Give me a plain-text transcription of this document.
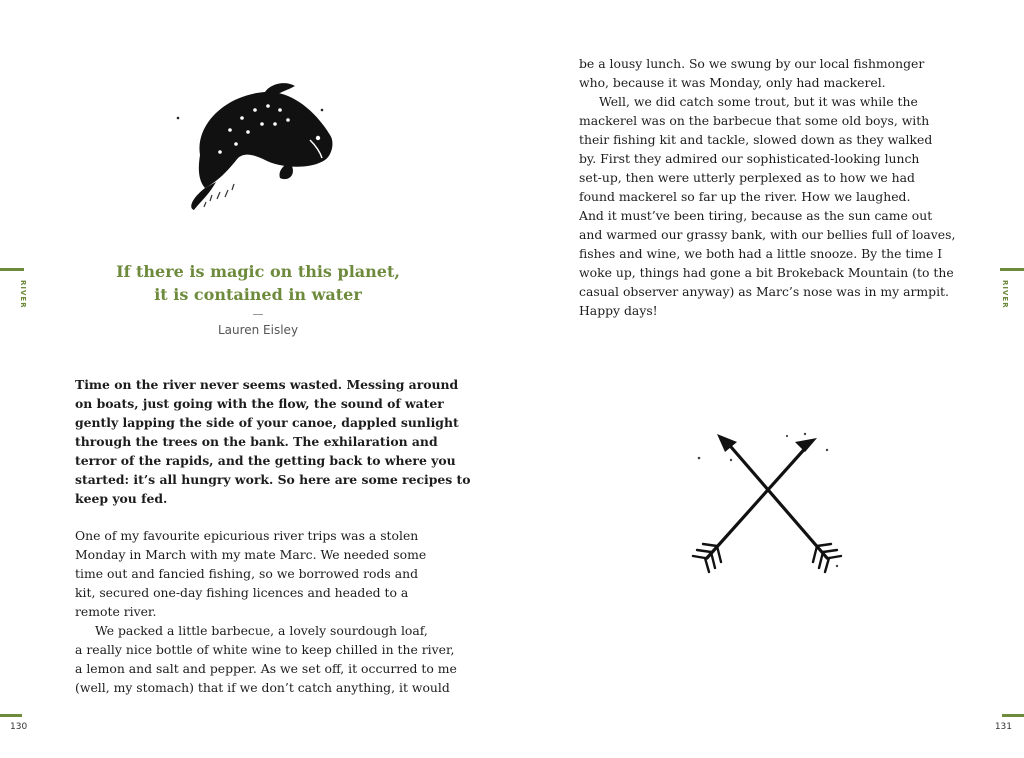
RIVER
If there is magic on this planet,
it is contained in water
Lauren Eisley
Time on the river never seems wasted. Messing around
on boats, just going with the flow, the sound of water
gently lapping the side of your canoe, dappled sunlight
through the trees on the bank. The exhilaration and
terror of the rapids, and the getting back to where you
started: it’s all hungry work. So here are some recipes to
keep you fed.
One of my favourite epicurious river trips was a stolen
Monday in March with my mate Marc. We needed some
time out and fancied fishing, so we borrowed rods and
kit, secured one-day fishing licences and headed to a
remote river.
We packed a little barbecue, a lovely sourdough loaf,
a really nice bottle of white wine to keep chilled in the river,
a lemon and salt and pepper. As we set off, it occurred to me
(well, my stomach) that if we don’t catch anything, it would
130
RIVER
be a lousy lunch. So we swung by our local fishmonger
who, because it was Monday, only had mackerel.
Well, we did catch some trout, but it was while the
mackerel was on the barbecue that some old boys, with
their fishing kit and tackle, slowed down as they walked
by. First they admired our sophisticated-looking lunch
set-up, then were utterly perplexed as to how we had
found mackerel so far up the river. How we laughed.
And it must’ve been tiring, because as the sun came out
and warmed our grassy bank, with our bellies full of loaves,
fishes and wine, we both had a little snooze. By the time I
woke up, things had gone a bit Brokeback Mountain (to the
casual observer anyway) as Marc’s nose was in my armpit.
Happy days!
131
